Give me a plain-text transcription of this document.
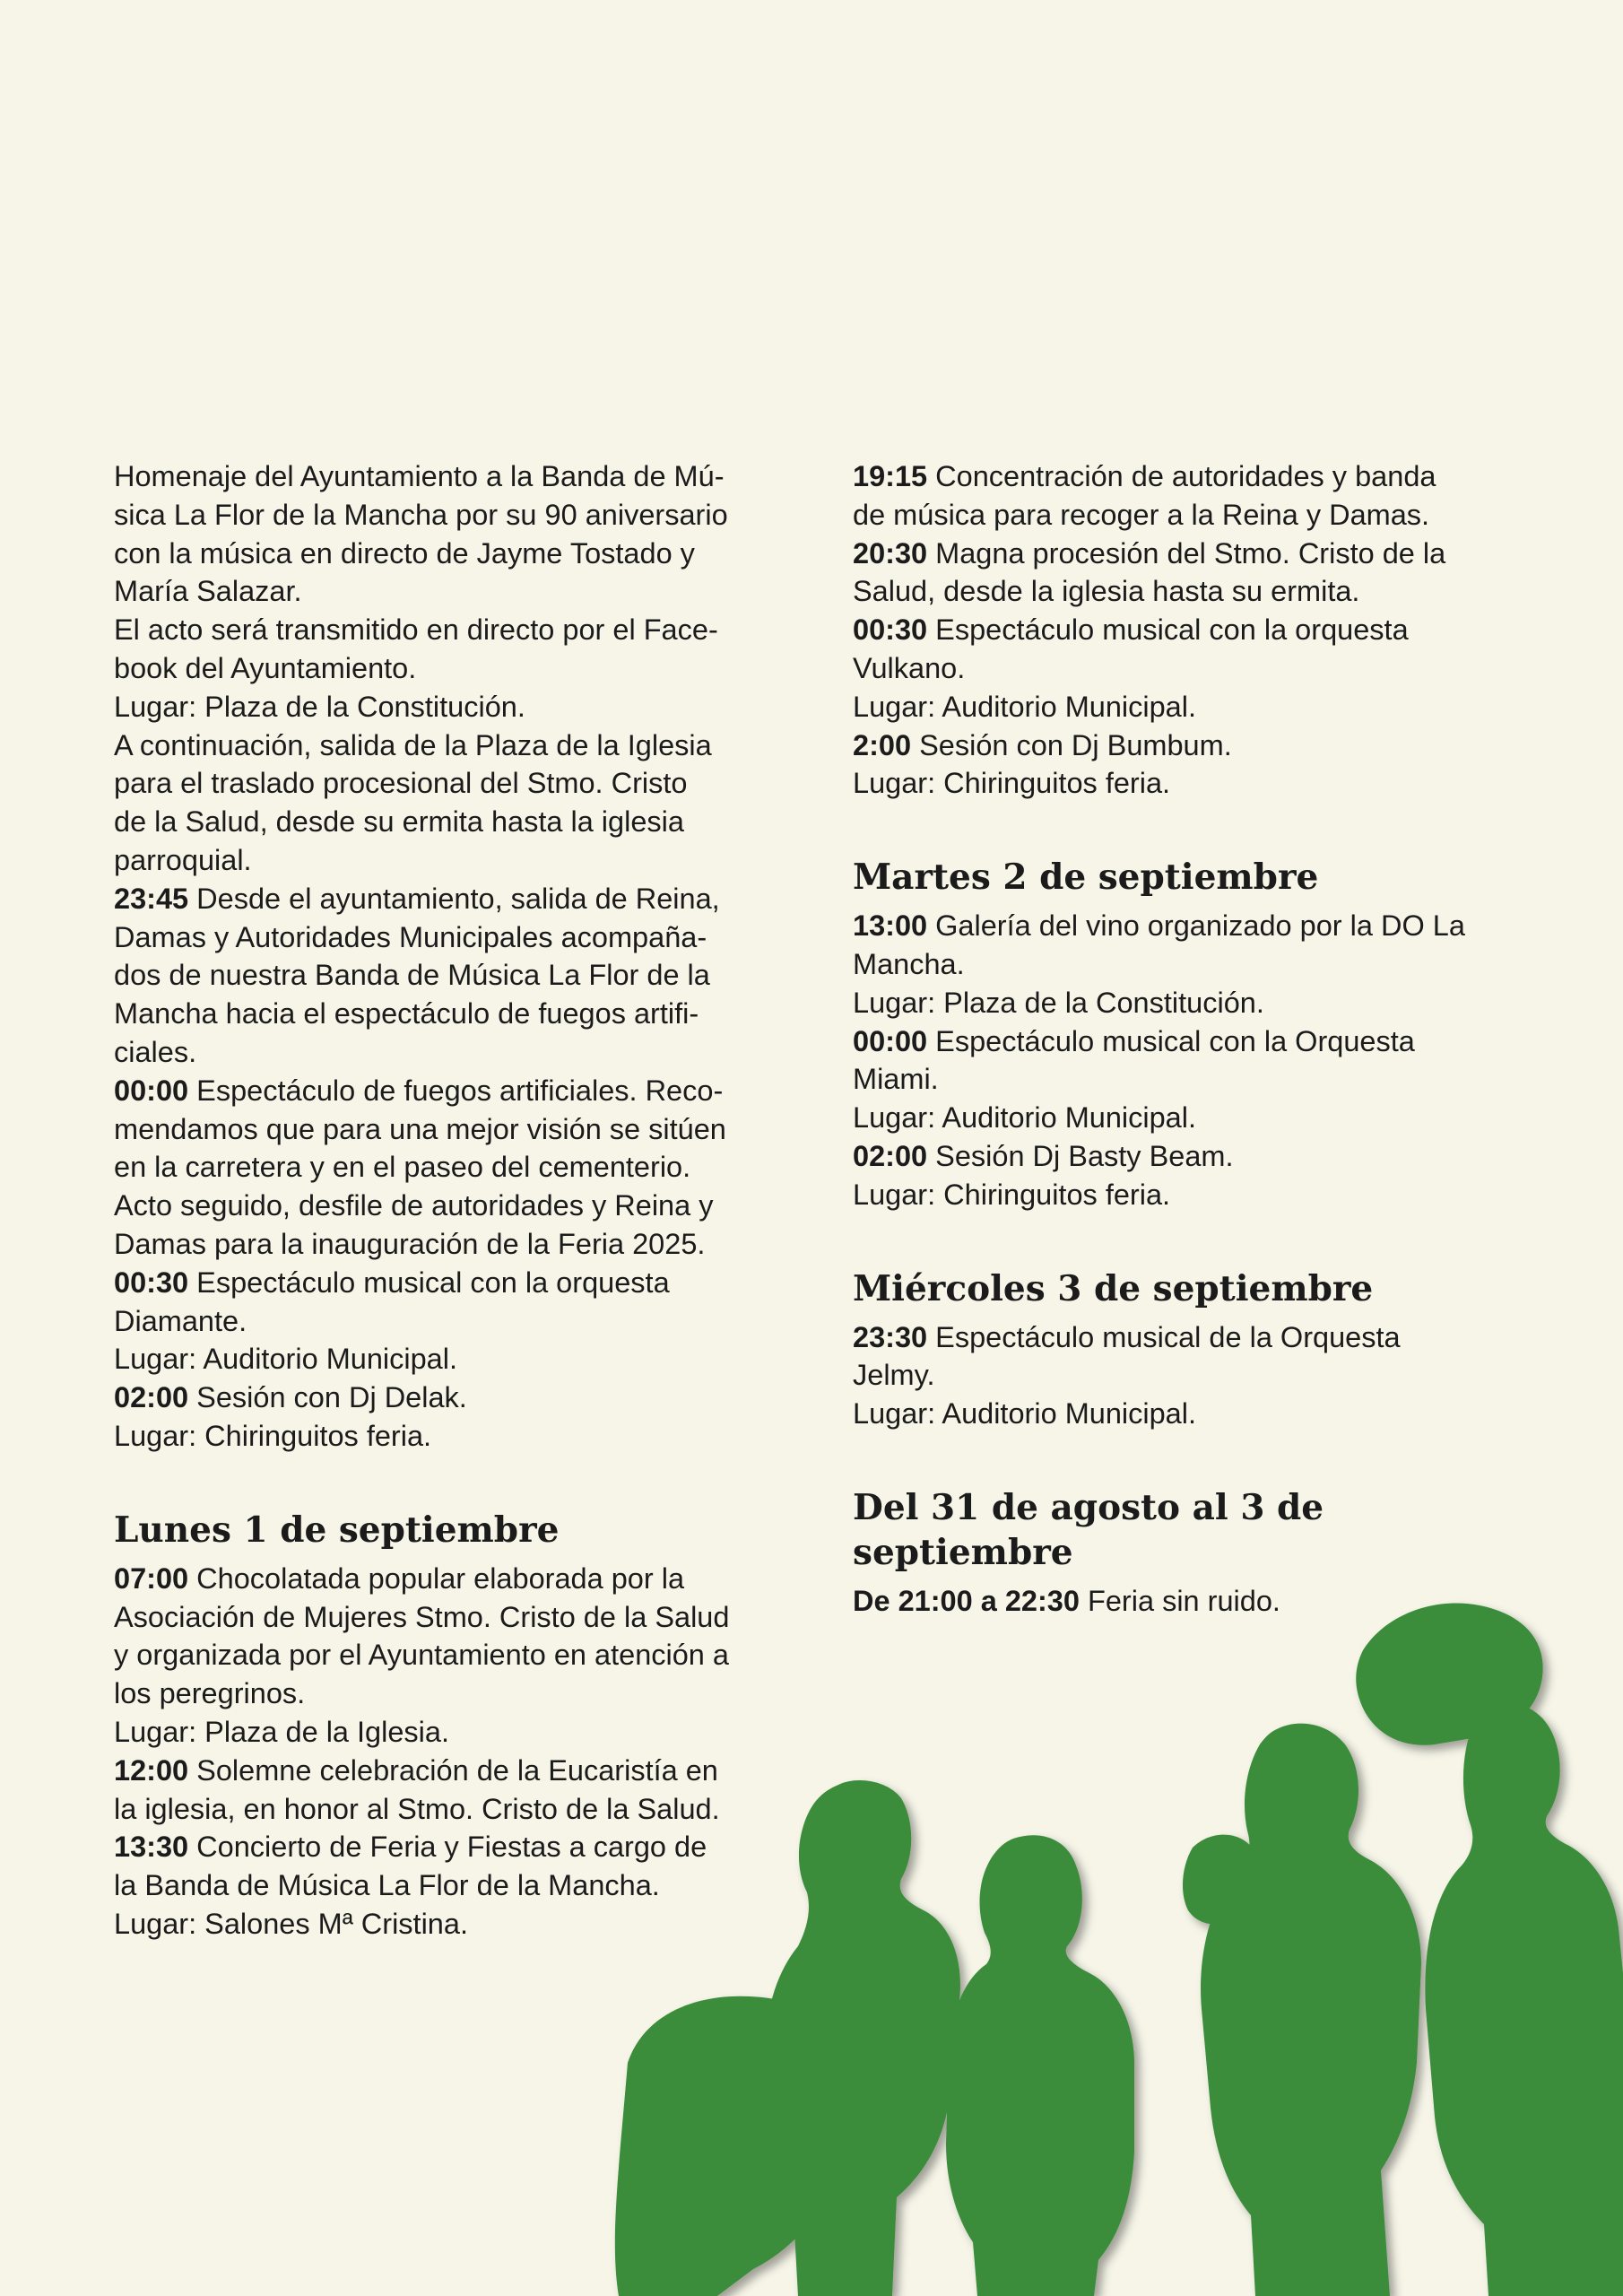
Homenaje del Ayuntamiento a la Banda de Mú-

sica La Flor de la Mancha por su 90 aniversario

con la música en directo de Jayme Tostado y

María Salazar.

El acto será transmitido en directo por el Face-

book del Ayuntamiento.

Lugar: Plaza de la Constitución.

A continuación, salida de la Plaza de la Iglesia

para el traslado procesional del Stmo. Cristo

de la Salud, desde su ermita hasta la iglesia

parroquial.

23:45 Desde el ayuntamiento, salida de Reina,

Damas y Autoridades Municipales acompaña-

dos de nuestra Banda de Música La Flor de la

Mancha hacia el espectáculo de fuegos artifi-

ciales.

00:00 Espectáculo de fuegos artificiales. Reco-

mendamos que para una mejor visión se sitúen

en la carretera y en el paseo del cementerio.

Acto seguido, desfile de autoridades y Reina y

Damas para la inauguración de la Feria 2025.

00:30 Espectáculo musical con la orquesta

Diamante.

Lugar: Auditorio Municipal.

02:00 Sesión con Dj Delak.

Lugar: Chiringuitos feria.

Lunes 1 de septiembre

07:00 Chocolatada popular elaborada por la

Asociación de Mujeres Stmo. Cristo de la Salud

y organizada por el Ayuntamiento en atención a

los peregrinos.

Lugar: Plaza de la Iglesia.

12:00 Solemne celebración de la Eucaristía en

la iglesia, en honor al Stmo. Cristo de la Salud.

13:30 Concierto de Feria y Fiestas a cargo de

la Banda de Música La Flor de la Mancha.

Lugar: Salones Mª Cristina.

19:15 Concentración de autoridades y banda

de música para recoger a la Reina y Damas.

20:30 Magna procesión del Stmo. Cristo de la

Salud, desde la iglesia hasta su ermita.

00:30 Espectáculo musical con la orquesta

Vulkano.

Lugar: Auditorio Municipal.

2:00 Sesión con Dj Bumbum.

Lugar: Chiringuitos feria.

Martes 2 de septiembre

13:00 Galería del vino organizado por la DO La

Mancha.

Lugar: Plaza de la Constitución.

00:00 Espectáculo musical con la Orquesta

Miami.

Lugar: Auditorio Municipal.

02:00 Sesión Dj Basty Beam.

Lugar: Chiringuitos feria.

Miércoles 3 de septiembre

23:30 Espectáculo musical de la Orquesta

Jelmy.

Lugar: Auditorio Municipal.

Del 31 de agosto al 3 de septiembre

De 21:00 a 22:30 Feria sin ruido.
